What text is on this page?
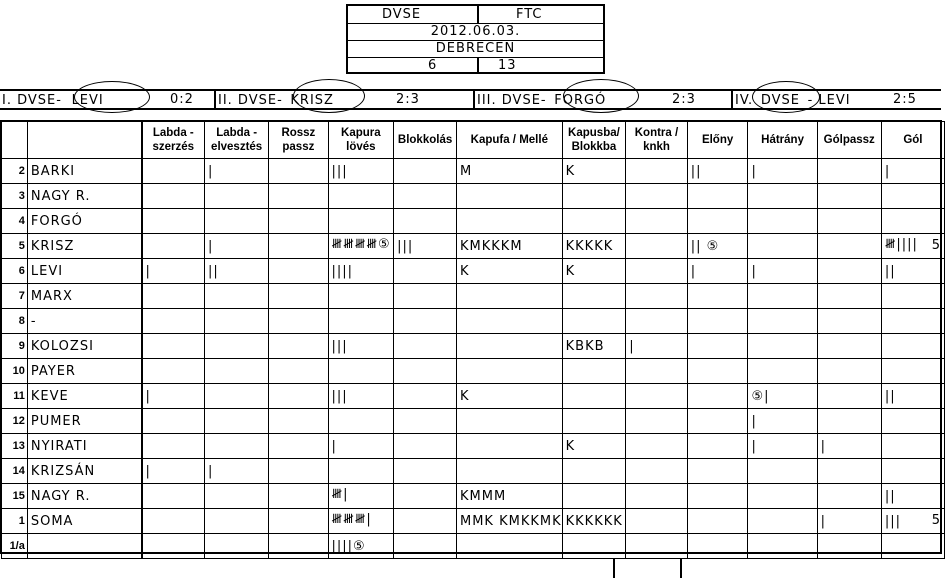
DVSE	FTC
2012.06.03.
DEBRECEN
6	13
I. DVSE- LEVI	0:2 II. DVSE- KRISZ	2:3	III. DVSE- FORGÓ	2:3	IV. DVSE - LEVI	2:5
		Labda - szerzés	Labda - elvesztés	Rossz passz	Kapura lövés	Blokkolás	Kapufa / Mellé	Kapusba/ Blokkba	Kontra / knkh	Előny	Hátrány	Gólpassz	Gól
2	BARKI		|		|||		M	K		||	|		|

3	NAGY R.												

4	FORGÓ												

5	KRISZ		|		𝍸𝍸𝍸𝍸⑤	|||	KMKKKM	KKKKK		|| ⑤			𝍸|||| 5

6	LEVI	|	||		||||		K	K		|	|		||

7	MARX												

8	-												

9	KOLOZSI				|||			KBKB	|				

10	PAYER												

11	KEVE	|			|||		K				⑤|		||

12	PUMER										|		

13	NYIRATI				|			K			|	|	

14	KRIZSÁN	|	|										

15	NAGY R.				𝍸|		KMMM						||

1	SOMA				𝍸𝍸𝍸|		MMK KMKKMK	KKKKKK				|	||| 5

1/a					||||⑤								
